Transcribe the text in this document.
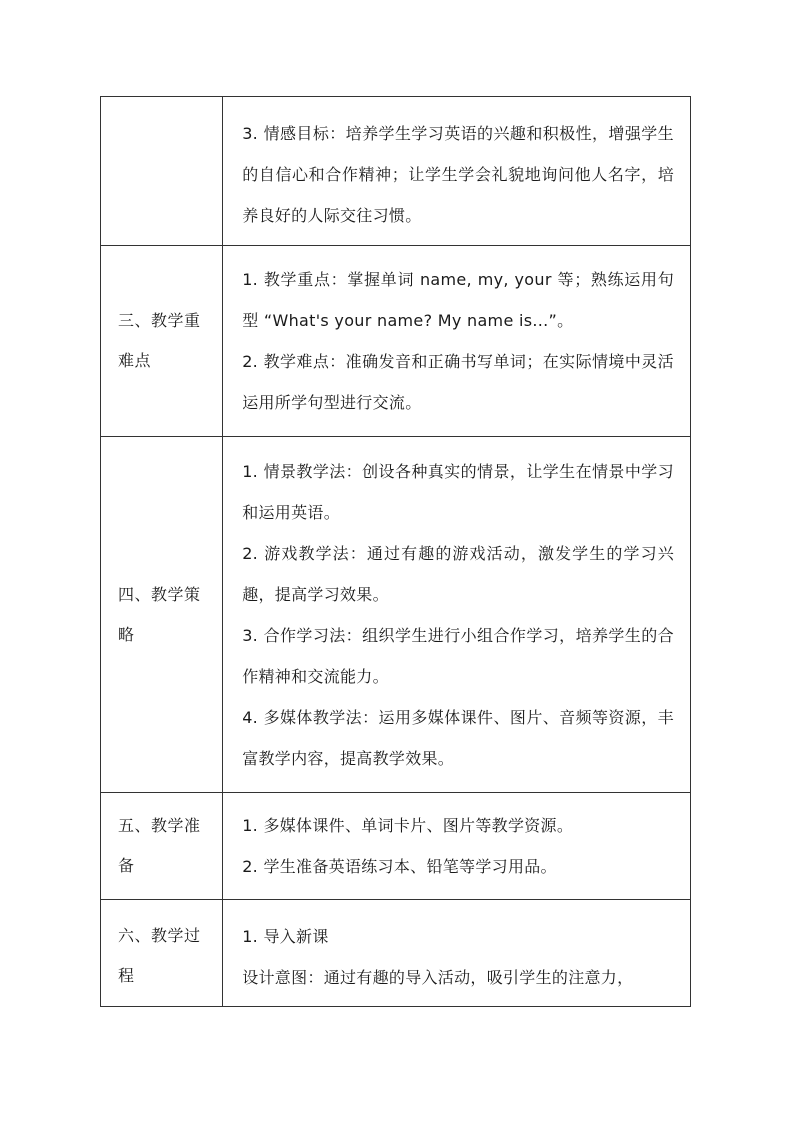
	3. 情感目标：培养学生学习英语的兴趣和积极性，增强学生的自信心和合作精神；让学生学会礼貌地询问他人名字，培养良好的人际交往习惯。

三、教学重难点	1. 教学重点：掌握单词 name, my, your 等；熟练运用句型 “What's your name? My name is...”。

2. 教学难点：准确发音和正确书写单词；在实际情境中灵活运用所学句型进行交流。

四、教学策略	1. 情景教学法：创设各种真实的情景，让学生在情景中学习和运用英语。

2. 游戏教学法：通过有趣的游戏活动，激发学生的学习兴趣，提高学习效果。

3. 合作学习法：组织学生进行小组合作学习，培养学生的合作精神和交流能力。

4. 多媒体教学法：运用多媒体课件、图片、音频等资源，丰富教学内容，提高教学效果。

五、教学准备	1. 多媒体课件、单词卡片、图片等教学资源。

2. 学生准备英语练习本、铅笔等学习用品。

六、教学过程	1. 导入新课

设计意图：通过有趣的导入活动，吸引学生的注意力，
